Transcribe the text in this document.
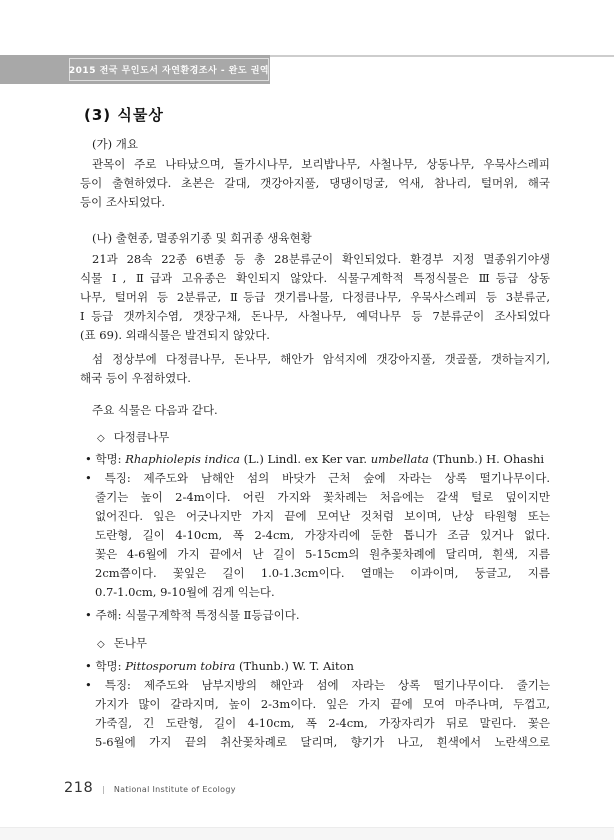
2015 전국 무인도서 자연환경조사 - 완도 권역
(3) 식물상
(가) 개요
관목이 주로 나타났으며, 돌가시나무, 보리밥나무, 사철나무, 상동나무, 우묵사스레피
등이 출현하였다. 초본은 갈대, 갯강아지풀, 댕댕이덩굴, 억새, 참나리, 털머위, 해국
등이 조사되었다.
(나) 출현종, 멸종위기종 및 희귀종 생육현황
21과 28속 22종 6변종 등 총 28분류군이 확인되었다. 환경부 지정 멸종위기야생
식물 Ⅰ, Ⅱ급과 고유종은 확인되지 않았다. 식물구계학적 특정식물은 Ⅲ등급 상동
나무, 털머위 등 2분류군, Ⅱ등급 갯기름나물, 다정큼나무, 우묵사스레피 등 3분류군,
Ⅰ등급 갯까치수염, 갯장구채, 돈나무, 사철나무, 예덕나무 등 7분류군이 조사되었다
(표 69). 외래식물은 발견되지 않았다.
섬 정상부에 다정큼나무, 돈나무, 해안가 암석지에 갯강아지풀, 갯골풀, 갯하늘지기,
해국 등이 우점하였다.
주요 식물은 다음과 같다.
◇ 다정큼나무
• 학명: Rhaphiolepis indica (L.) Lindl. ex Ker var. umbellata (Thunb.) H. Ohashi
• 특징: 제주도와 남해안 섬의 바닷가 근처 숲에 자라는 상록 떨기나무이다.
줄기는 높이 2-4m이다. 어린 가지와 꽃차례는 처음에는 갈색 털로 덮이지만
없어진다. 잎은 어긋나지만 가지 끝에 모여난 것처럼 보이며, 난상 타원형 또는
도란형, 길이 4-10cm, 폭 2-4cm, 가장자리에 둔한 톱니가 조금 있거나 없다.
꽃은 4-6월에 가지 끝에서 난 길이 5-15cm의 원추꽃차례에 달리며, 흰색, 지름
2cm쯤이다. 꽃잎은 길이 1.0-1.3cm이다. 열매는 이과이며, 둥글고, 지름
0.7-1.0cm, 9-10월에 검게 익는다.
• 주해: 식물구계학적 특정식물 Ⅱ등급이다.
◇ 돈나무
• 학명: Pittosporum tobira (Thunb.) W. T. Aiton
• 특징: 제주도와 남부지방의 해안과 섬에 자라는 상록 떨기나무이다. 줄기는
가지가 많이 갈라지며, 높이 2-3m이다. 잎은 가지 끝에 모여 마주나며, 두껍고,
가죽질, 긴 도란형, 길이 4-10cm, 폭 2-4cm, 가장자리가 뒤로 말린다. 꽃은
5-6월에 가지 끝의 취산꽃차례로 달리며, 향기가 나고, 흰색에서 노란색으로
218 | National Institute of Ecology
